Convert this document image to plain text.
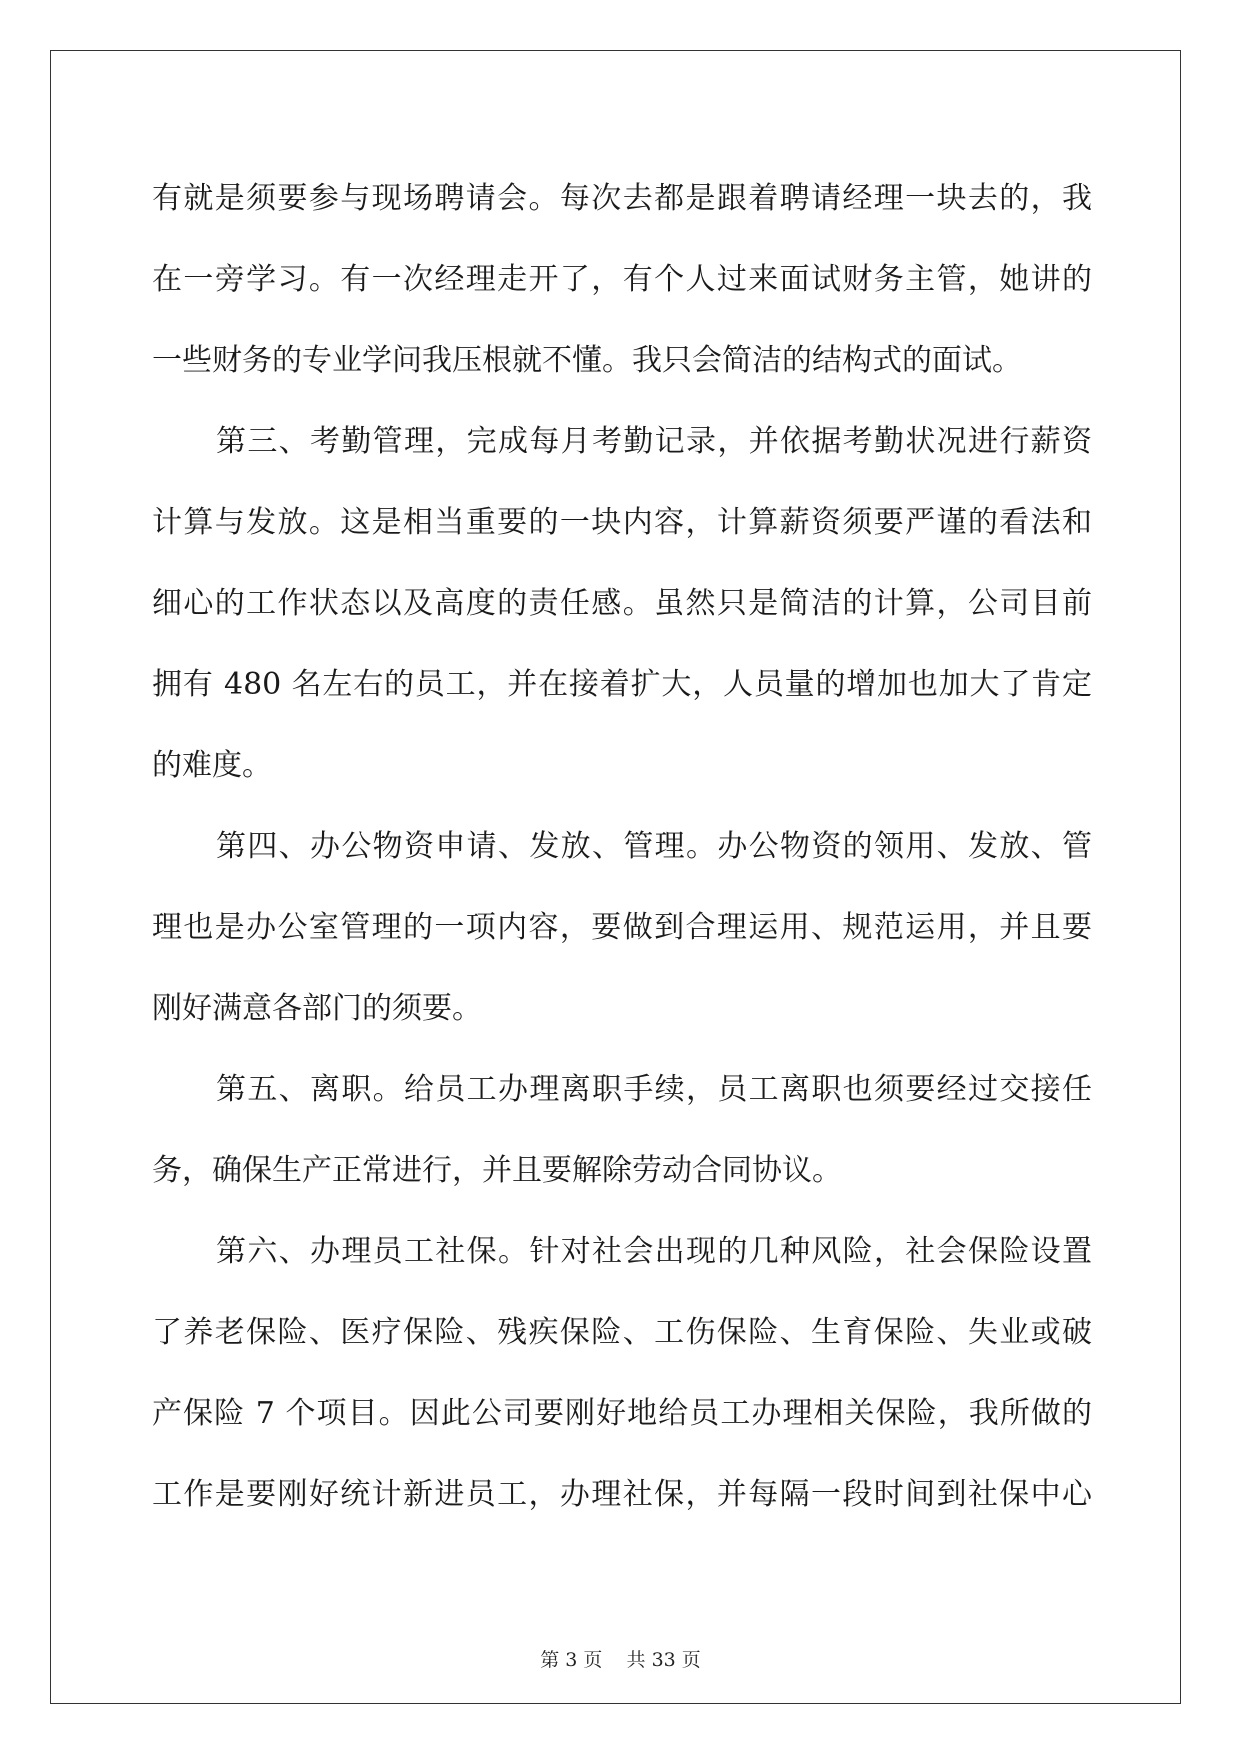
有就是须要参与现场聘请会。每次去都是跟着聘请经理一块去的，我
在一旁学习。有一次经理走开了，有个人过来面试财务主管，她讲的
一些财务的专业学问我压根就不懂。我只会简洁的结构式的面试。
第三、考勤管理，完成每月考勤记录，并依据考勤状况进行薪资
计算与发放。这是相当重要的一块内容，计算薪资须要严谨的看法和
细心的工作状态以及高度的责任感。虽然只是简洁的计算，公司目前
拥有 480 名左右的员工，并在接着扩大，人员量的增加也加大了肯定
的难度。
第四、办公物资申请、发放、管理。办公物资的领用、发放、管
理也是办公室管理的一项内容，要做到合理运用、规范运用，并且要
刚好满意各部门的须要。
第五、离职。给员工办理离职手续，员工离职也须要经过交接任
务，确保生产正常进行，并且要解除劳动合同协议。
第六、办理员工社保。针对社会出现的几种风险，社会保险设置
了养老保险、医疗保险、残疾保险、工伤保险、生育保险、失业或破
产保险 7 个项目。因此公司要刚好地给员工办理相关保险，我所做的
工作是要刚好统计新进员工，办理社保，并每隔一段时间到社保中心
第 3 页 共 33 页
